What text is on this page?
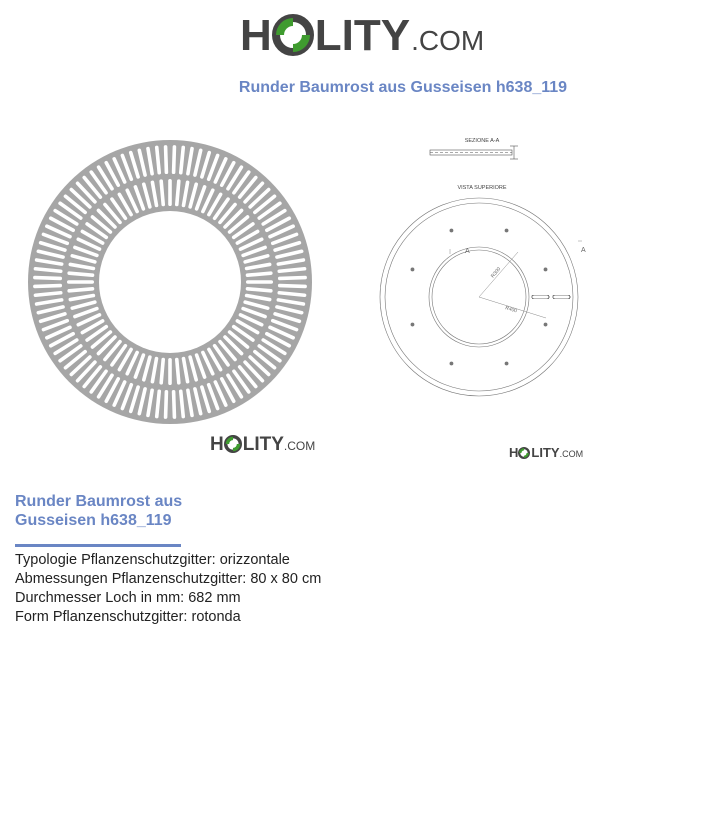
H LITY .COM
Runder Baumrost aus Gusseisen h638_119
H LITY .COM
SEZIONE A-A
VISTA SUPERIORE
R300
R400
A	A
H LITY .COM
Runder Baumrost aus
Gusseisen h638_119
Typologie Pflanzenschutzgitter: orizzontale
Abmessungen Pflanzenschutzgitter: 80 x 80 cm
Durchmesser Loch in mm: 682 mm
Form Pflanzenschutzgitter: rotonda
